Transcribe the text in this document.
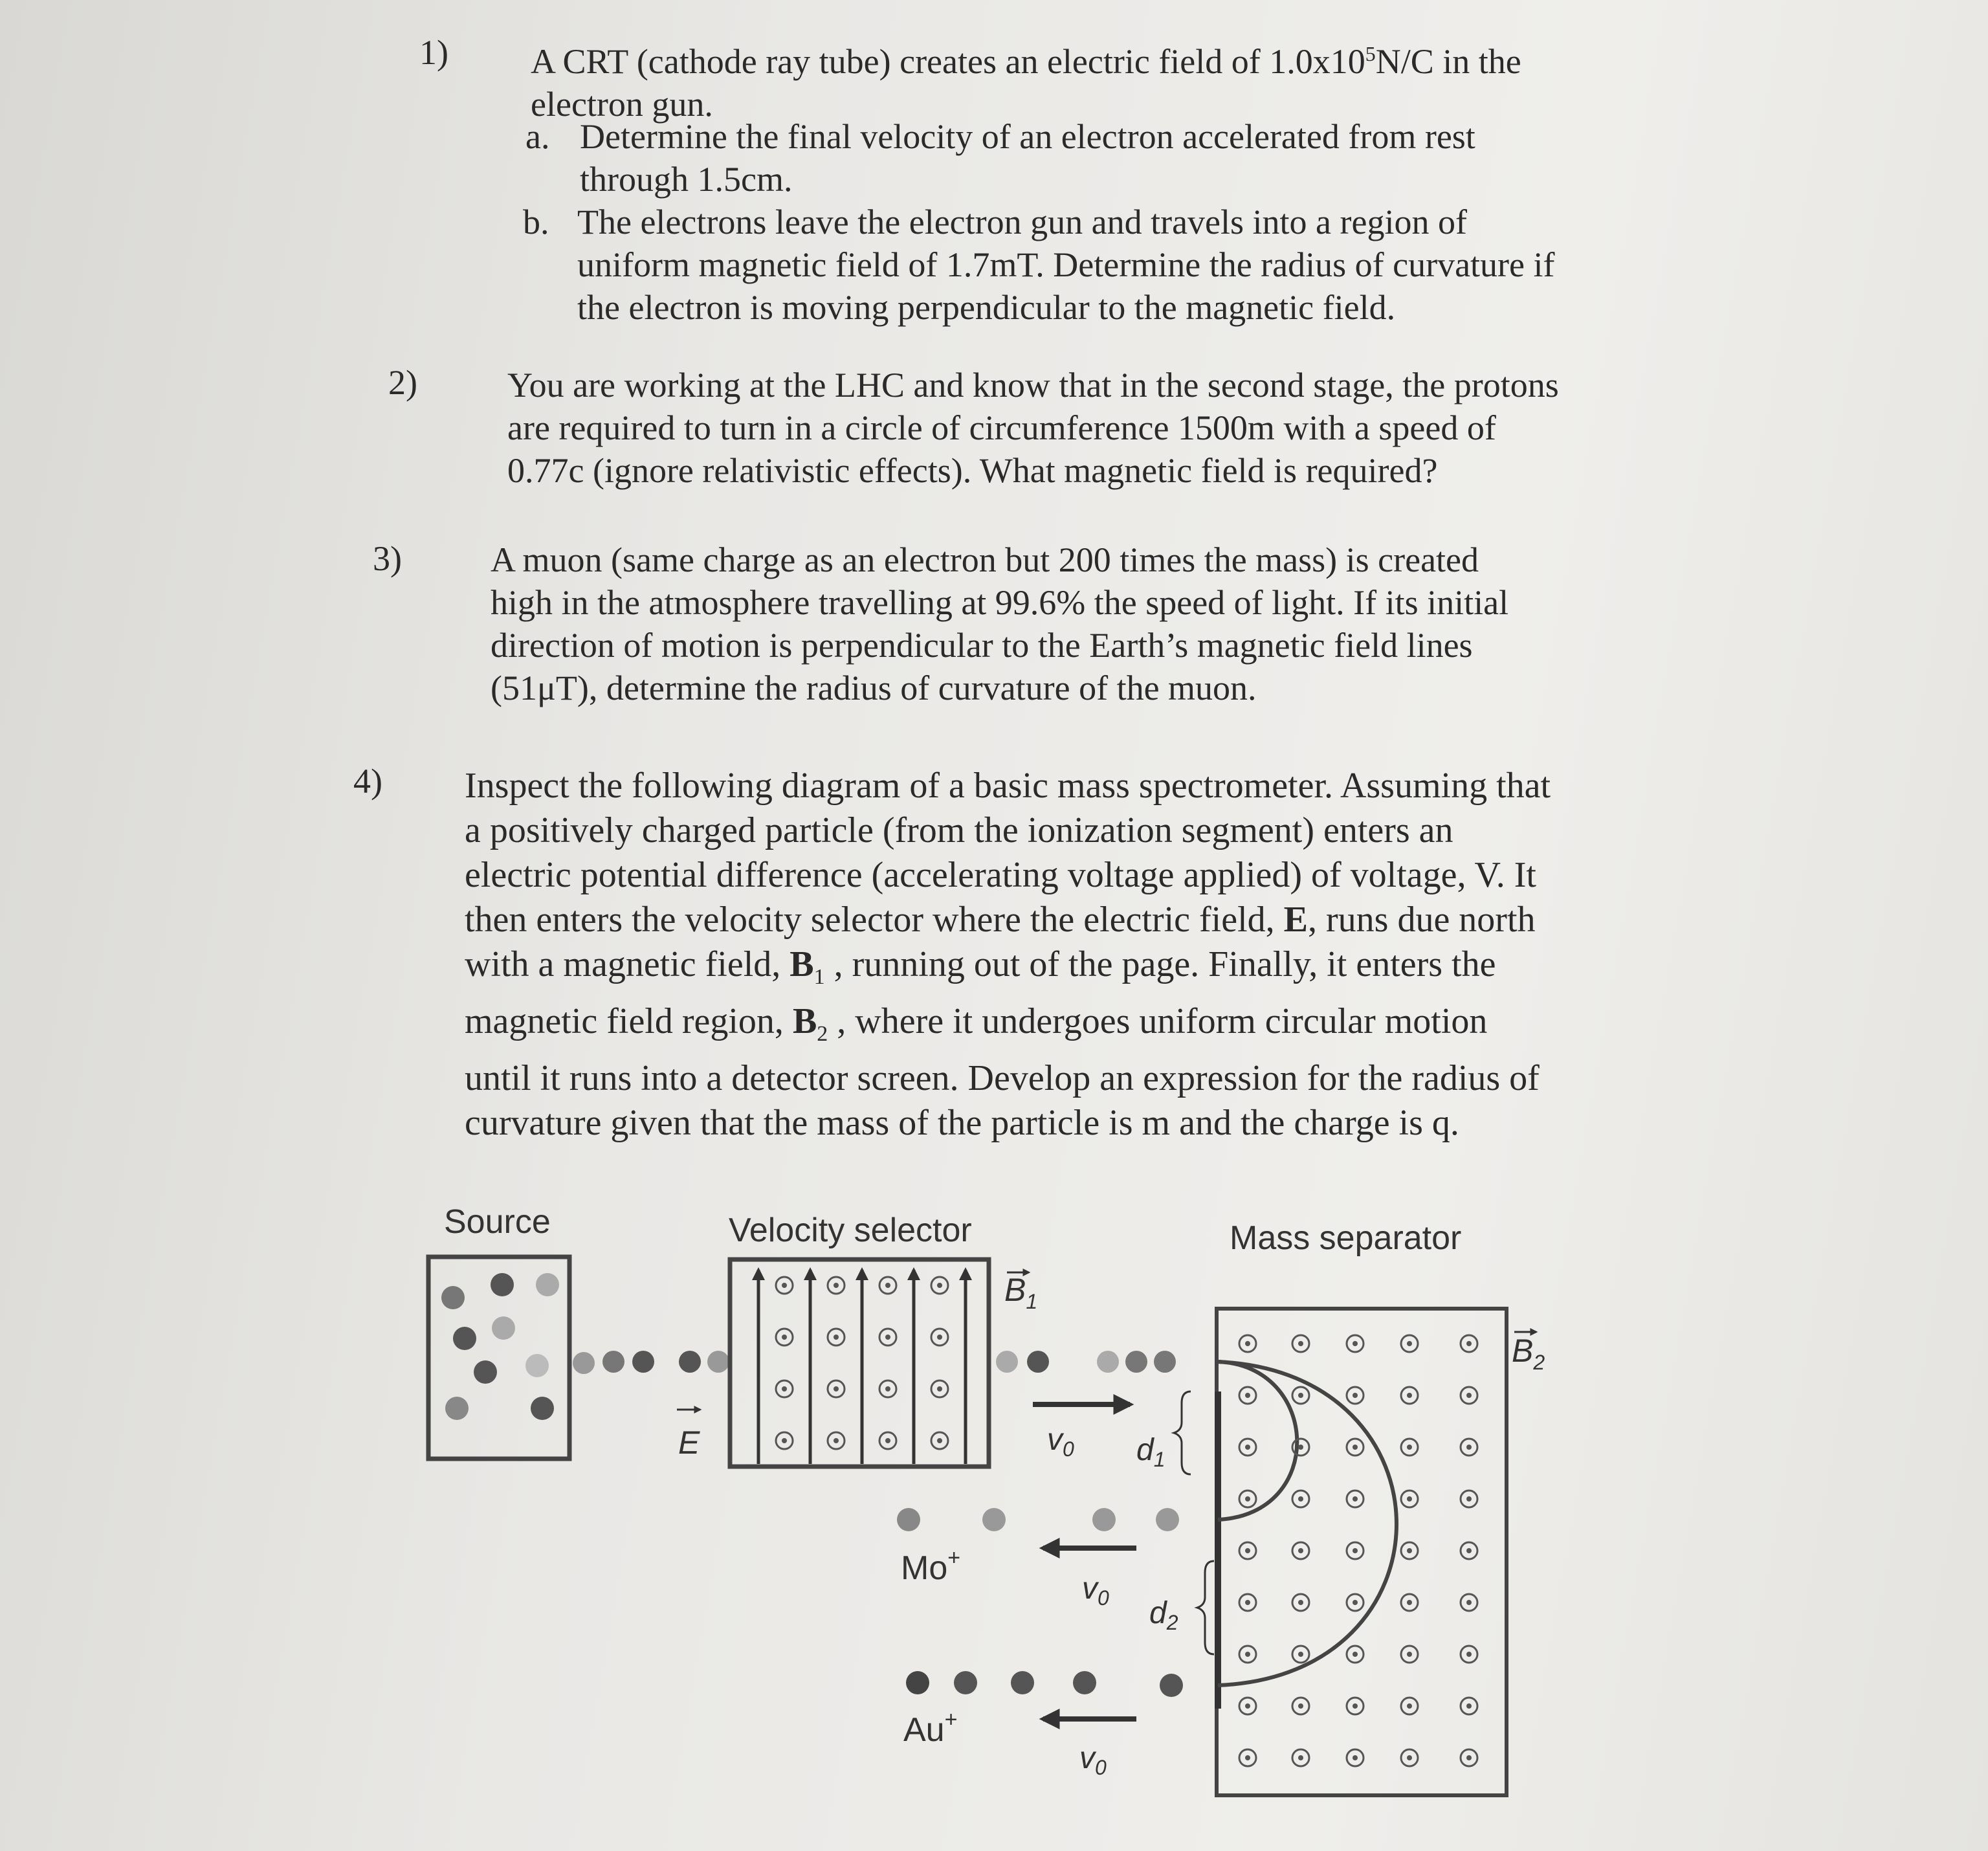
1) A CRT (cathode ray tube) creates an electric field of $1.0x10^5N/C$ in the
electron gun.
a. Determine the final velocity of an electron accelerated from rest
through 1.5cm.
b. The electrons leave the electron gun and travels into a region of
uniform magnetic field of 1.7mT. Determine the radius of curvature if
the electron is moving perpendicular to the magnetic field.
2)	You are working at the LHC and know that in the second stage, the protons
are required to turn in a circle of circumference 1500m with a speed of
0.77c (ignore relativistic effects). What magnetic field is required?
3)	A muon (same charge as an electron but 200 times the mass) is created
high in the atmosphere travelling at 99.6% the speed of light. If its initial
direction of motion is perpendicular to the Earth’s magnetic field lines
(51μT), determine the radius of curvature of the muon.
4) Inspect the following diagram of a basic mass spectrometer. Assuming that
a positively charged particle (from the ionization segment) enters an
electric potential difference (accelerating voltage applied) of voltage, V. It
then enters the velocity selector where the electric field, E, runs due north
with a magnetic field, $B_1$ , running out of the page. Finally, it enters the
magnetic field region, $B_2$ , where it undergoes uniform circular motion
until it runs into a detector screen. Develop an expression for the radius of
curvature given that the mass of the particle is m and the charge is q.
Source	Velocity selector	Mass separator
$B_1$
E	$v_0$ $d_1$
Mo+
$v_0$ $d_2$
Au+
$v_0$
$B_2$
